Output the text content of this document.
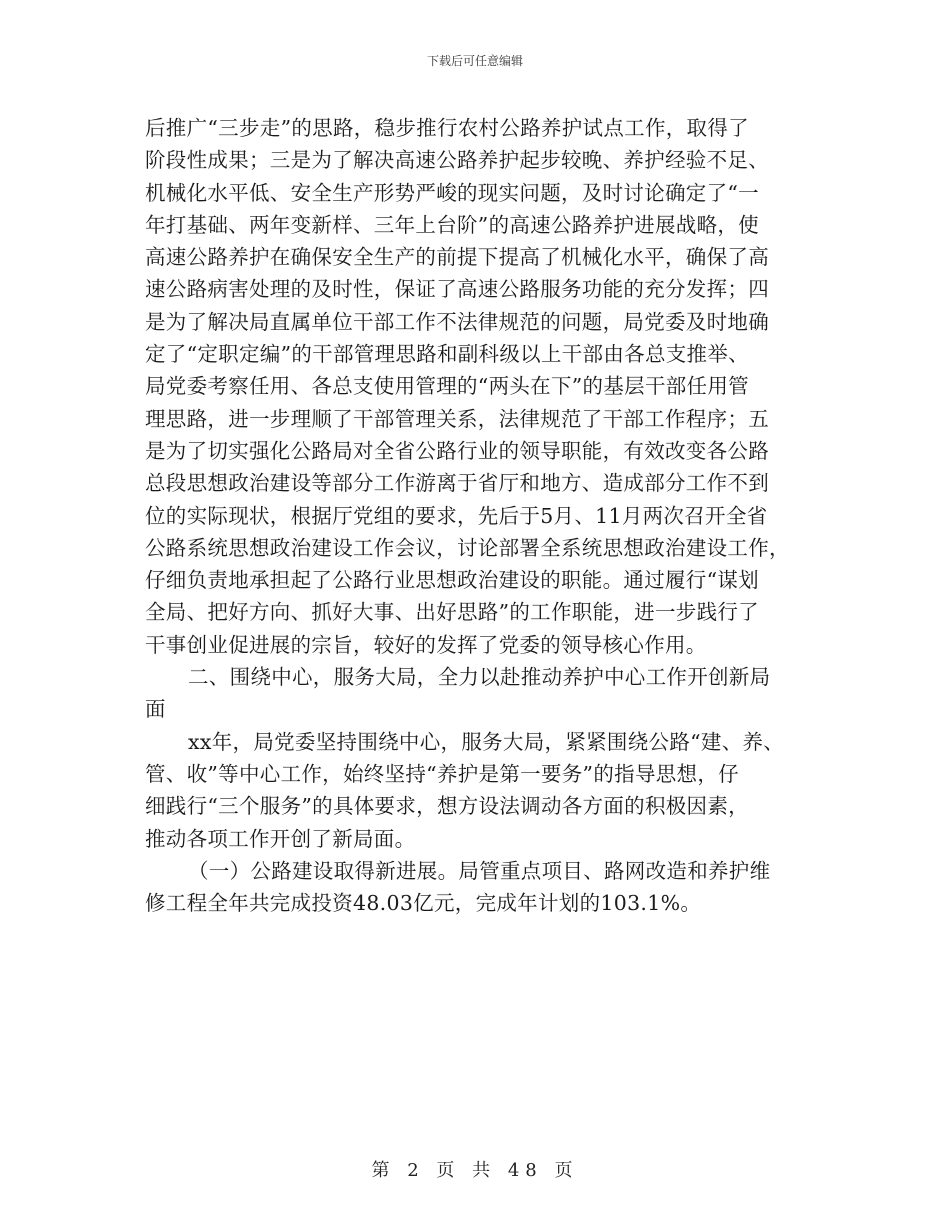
下载后可任意编辑
后推广“三步走”的思路，稳步推行农村公路养护试点工作，取得了
阶段性成果；三是为了解决高速公路养护起步较晚、养护经验不足、
机械化水平低、安全生产形势严峻的现实问题，及时讨论确定了“一
年打基础、两年变新样、三年上台阶”的高速公路养护进展战略，使
高速公路养护在确保安全生产的前提下提高了机械化水平，确保了高
速公路病害处理的及时性，保证了高速公路服务功能的充分发挥；四
是为了解决局直属单位干部工作不法律规范的问题，局党委及时地确
定了“定职定编”的干部管理思路和副科级以上干部由各总支推举、
局党委考察任用、各总支使用管理的“两头在下”的基层干部任用管
理思路，进一步理顺了干部管理关系，法律规范了干部工作程序；五
是为了切实强化公路局对全省公路行业的领导职能，有效改变各公路
总段思想政治建设等部分工作游离于省厅和地方、造成部分工作不到
位的实际现状，根据厅党组的要求，先后于5月、11月两次召开全省
公路系统思想政治建设工作会议，讨论部署全系统思想政治建设工作，
仔细负责地承担起了公路行业思想政治建设的职能。通过履行“谋划
全局、把好方向、抓好大事、出好思路”的工作职能，进一步践行了
干事创业促进展的宗旨，较好的发挥了党委的领导核心作用。
二、围绕中心，服务大局，全力以赴推动养护中心工作开创新局
面
xx年，局党委坚持围绕中心，服务大局，紧紧围绕公路“建、养、
管、收”等中心工作，始终坚持“养护是第一要务”的指导思想，仔
细践行“三个服务”的具体要求，想方设法调动各方面的积极因素，
推动各项工作开创了新局面。
（一）公路建设取得新进展。局管重点项目、路网改造和养护维
修工程全年共完成投资48.03亿元，完成年计划的103.1%。
第 2 页 共 48 页
